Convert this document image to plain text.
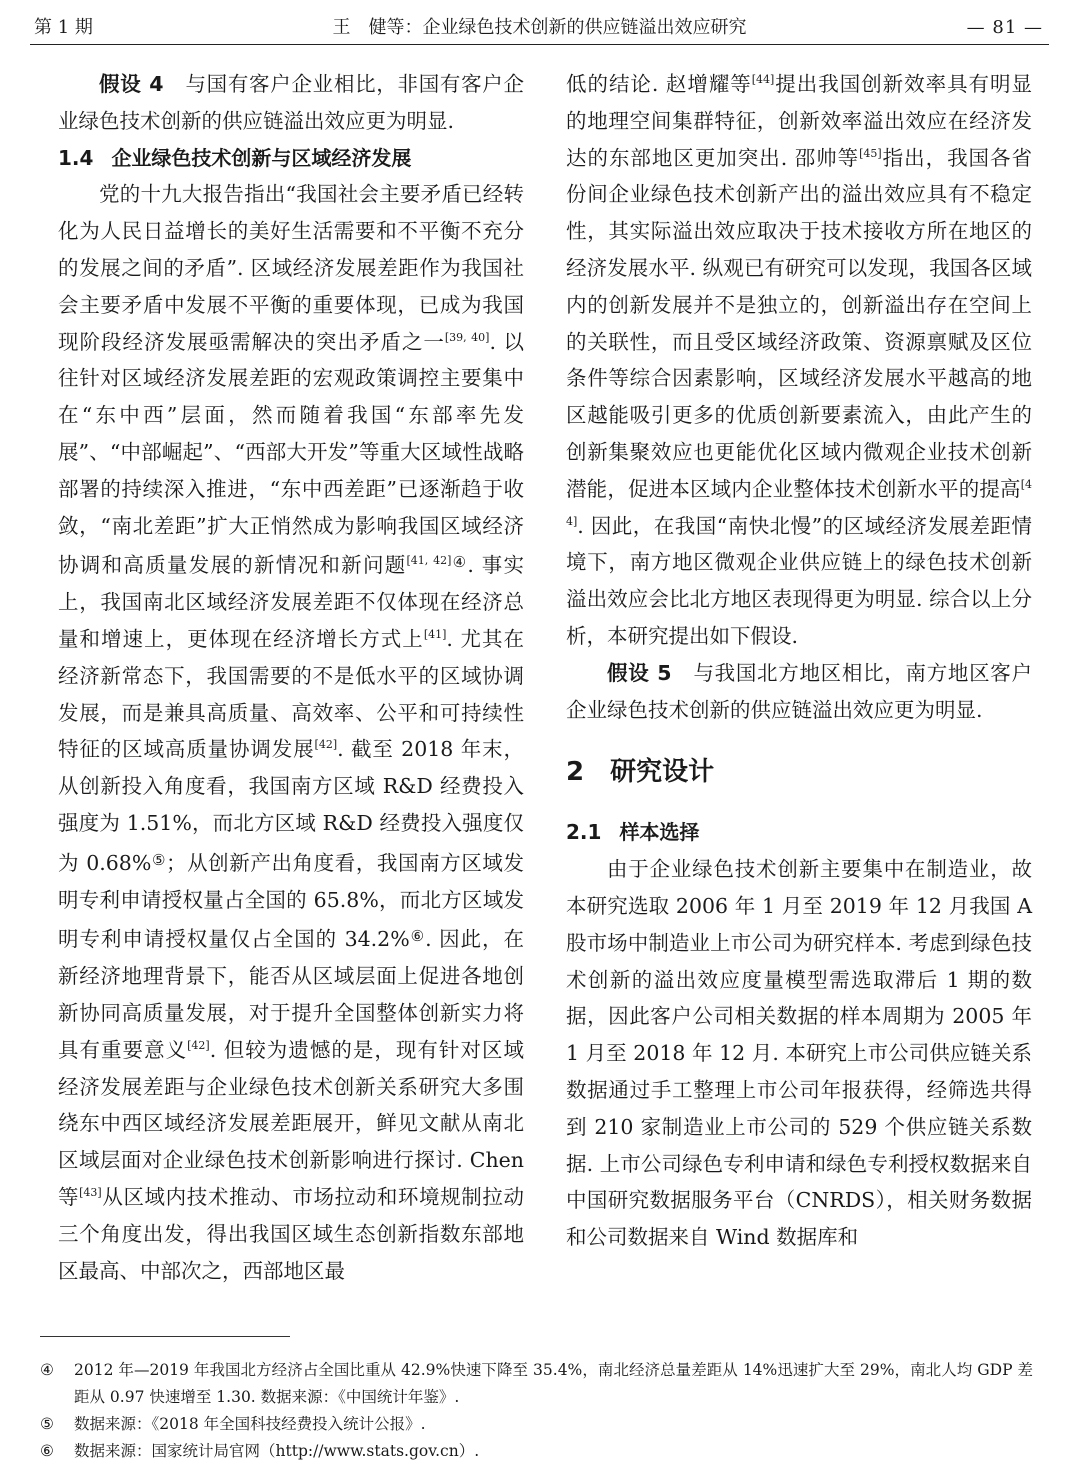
第 1 期	王　健等：企业绿色技术创新的供应链溢出效应研究	— 81 —

假设 4　 与国有客户企业相比，非国有客户企业绿色技术创新的供应链溢出效应更为明显.

1.4 企业绿色技术创新与区域经济发展

党的十九大报告指出“我国社会主要矛盾已经转化为人民日益增长的美好生活需要和不平衡不充分的发展之间的矛盾”. 区域经济发展差距作为我国社会主要矛盾中发展不平衡的重要体现，已成为我国现阶段经济发展亟需解决的突出矛盾之一[39, 40]. 以往针对区域经济发展差距的宏观政策调控主要集中在“东中西”层面，然而随着我国“东部率先发展”、“中部崛起”、“西部大开发”等重大区域性战略部署的持续深入推进，“东中西差距”已逐渐趋于收敛，“南北差距”扩大正悄然成为影响我国区域经济协调和高质量发展的新情况和新问题$^{[41, 42]④}$. 事实上，我国南北区域经济发展差距不仅体现在经济总量和增速上，更体现在经济增长方式上[41]. 尤其在经济新常态下，我国需要的不是低水平的区域协调发展，而是兼具高质量、高效率、公平和可持续性特征的区域高质量协调发展[42]. 截至 2018 年末，从创新投入角度看，我国南方区域 R&D 经费投入强度为 1.51%，而北方区域 R&D 经费投入强度仅为 0.68%⑤；从创新产出角度看，我国南方区域发明专利申请授权量占全国的 65.8%，而北方区域发明专利申请授权量仅占全国的 34.2%⑥. 因此，在新经济地理背景下，能否从区域层面上促进各地创新协同高质量发展，对于提升全国整体创新实力将具有重要意义[42]. 但较为遗憾的是，现有针对区域经济发展差距与企业绿色技术创新关系研究大多围绕东中西区域经济发展差距展开，鲜见文献从南北区域层面对企业绿色技术创新影响进行探讨. Chen 等[43]从区域内技术推动、市场拉动和环境规制拉动三个角度出发，得出我国区域生态创新指数东部地区最高、中部次之，西部地区最

低的结论. 赵增耀等[44]提出我国创新效率具有明显的地理空间集群特征，创新效率溢出效应在经济发达的东部地区更加突出. 邵帅等[45]指出，我国各省份间企业绿色技术创新产出的溢出效应具有不稳定性，其实际溢出效应取决于技术接收方所在地区的经济发展水平. 纵观已有研究可以发现，我国各区域内的创新发展并不是独立的，创新溢出存在空间上的关联性，而且受区域经济政策、资源禀赋及区位条件等综合因素影响，区域经济发展水平越高的地区越能吸引更多的优质创新要素流入，由此产生的创新集聚效应也更能优化区域内微观企业技术创新潜能，促进本区域内企业整体技术创新水平的提高[44]. 因此，在我国“南快北慢”的区域经济发展差距情境下，南方地区微观企业供应链上的绿色技术创新溢出效应会比北方地区表现得更为明显. 综合以上分析，本研究提出如下假设.

假设 5　 与我国北方地区相比，南方地区客户企业绿色技术创新的供应链溢出效应更为明显.

2 研究设计

2.1 样本选择

由于企业绿色技术创新主要集中在制造业，故本研究选取 2006 年 1 月至 2019 年 12 月我国 A 股市场中制造业上市公司为研究样本. 考虑到绿色技术创新的溢出效应度量模型需选取滞后 1 期的数据，因此客户公司相关数据的样本周期为 2005 年 1 月至 2018 年 12 月. 本研究上市公司供应链关系数据通过手工整理上市公司年报获得，经筛选共得到 210 家制造业上市公司的 529 个供应链关系数据. 上市公司绿色专利申请和绿色专利授权数据来自中国研究数据服务平台（CNRDS），相关财务数据和公司数据来自 Wind 数据库和

④ 2012 年—2019 年我国北方经济占全国比重从 42.9%快速下降至 35.4%，南北经济总量差距从 14%迅速扩大至 29%，南北人均 GDP 差距从 0.97 快速增至 1.30. 数据来源：《中国统计年鉴》.
⑤ 数据来源：《2018 年全国科技经费投入统计公报》.
⑥ 数据来源：国家统计局官网（http://www.stats.gov.cn）.
